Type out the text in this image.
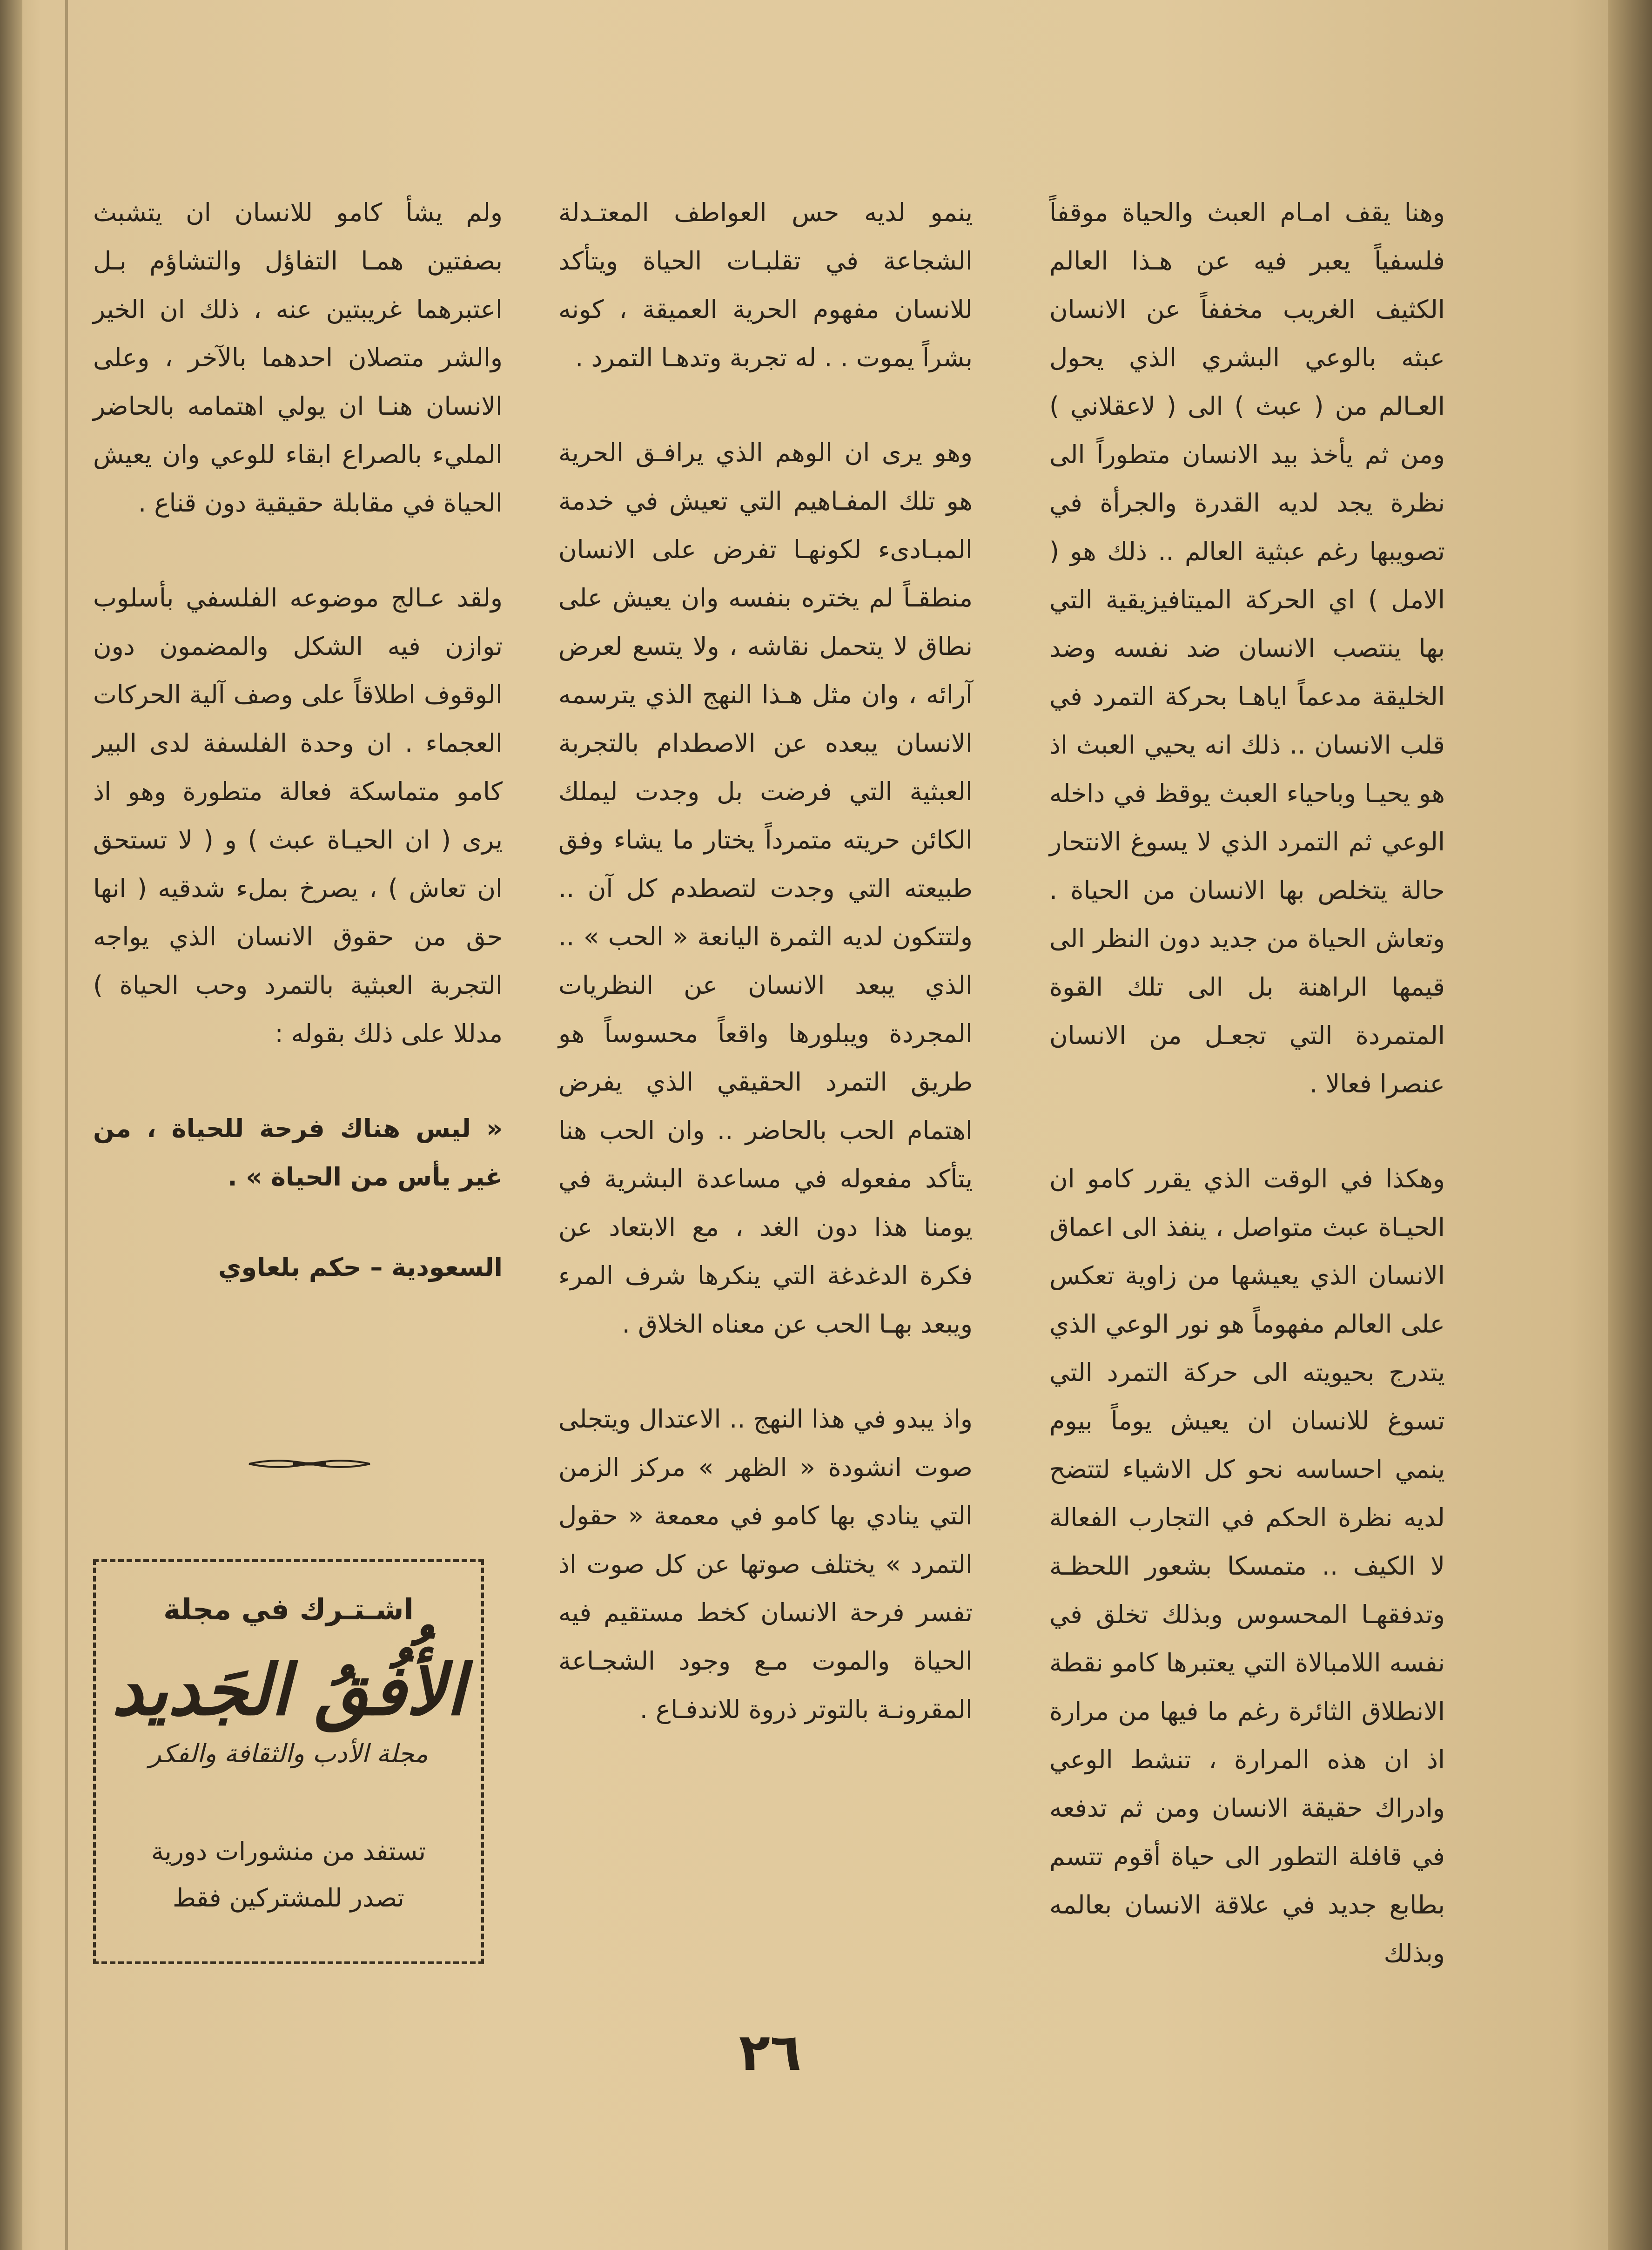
وهنا يقف امـام العبث والحياة موقفاً فلسفياً يعبر فيه عن هـذا العالم الكثيف الغريب مخففاً عن الانسان عبثه بالوعي البشري الذي يحول العـالم من ( عبث ) الى ( لاعقلاني ) ومن ثم يأخذ بيد الانسان متطوراً الى نظرة يجد لديه القدرة والجرأة في تصويبها رغم عبثية العالم .. ذلك هو ( الامل ) اي الحركة الميتافيزيقية التي بها ينتصب الانسان ضد نفسه وضد الخليقة مدعماً اياهـا بحركة التمرد في قلب الانسان .. ذلك انه يحيي العبث اذ هو يحيـا وباحياء العبث يوقظ في داخله الوعي ثم التمرد الذي لا يسوغ الانتحار حالة يتخلص بها الانسان من الحياة . وتعاش الحياة من جديد دون النظر الى قيمها الراهنة بل الى تلك القوة المتمردة التي تجعـل من الانسان عنصرا فعالا .

وهكذا في الوقت الذي يقرر كامو ان الحيـاة عبث متواصل ، ينفذ الى اعماق الانسان الذي يعيشها من زاوية تعكس على العالم مفهوماً هو نور الوعي الذي يتدرج بحيويته الى حركة التمرد التي تسوغ للانسان ان يعيش يوماً بيوم ينمي احساسه نحو كل الاشياء لتتضح لديه نظرة الحكم في التجارب الفعالة لا الكيف .. متمسكا بشعور اللحظـة وتدفقهـا المحسوس وبذلك تخلق في نفسه اللامبالاة التي يعتبرها كامو نقطة الانطلاق الثائرة رغم ما فيها من مرارة اذ ان هذه المرارة ، تنشط الوعي وادراك حقيقة الانسان ومن ثم تدفعه في قافلة التطور الى حياة أقوم تتسم بطابع جديد في علاقة الانسان بعالمه وبذلك

ينمو لديه حس العواطف المعتـدلة الشجاعة في تقلبـات الحياة ويتأكد للانسان مفهوم الحرية العميقة ، كونه بشراً يموت . . له تجربة وتدهـا التمرد .

وهو يرى ان الوهم الذي يرافـق الحرية هو تلك المفـاهيم التي تعيش في خدمة المبـادىء لكونهـا تفرض على الانسان منطقـاً لم يختره بنفسه وان يعيش على نطاق لا يتحمل نقاشه ، ولا يتسع لعرض آرائه ، وان مثل هـذا النهج الذي يترسمه الانسان يبعده عن الاصطدام بالتجربة العبثية التي فرضت بل وجدت ليملك الكائن حريته متمرداً يختار ما يشاء وفق طبيعته التي وجدت لتصطدم كل آن .. ولتتكون لديه الثمرة اليانعة « الحب » .. الذي يبعد الانسان عن النظريات المجردة ويبلورها واقعاً محسوساً هو طريق التمرد الحقيقي الذي يفرض اهتمام الحب بالحاضر .. وان الحب هنا يتأكد مفعوله في مساعدة البشرية في يومنا هذا دون الغد ، مع الابتعاد عن فكرة الدغدغة التي ينكرها شرف المرء ويبعد بهـا الحب عن معناه الخلاق .

واذ يبدو في هذا النهج .. الاعتدال ويتجلى صوت انشودة « الظهر » مركز الزمن التي ينادي بها كامو في معمعة « حقول التمرد » يختلف صوتها عن كل صوت اذ تفسر فرحة الانسان كخط مستقيم فيه الحياة والموت مـع وجود الشجـاعة المقرونـة بالتوتر ذروة للاندفـاع .

ولم يشأ كامو للانسان ان يتشبث بصفتين همـا التفاؤل والتشاؤم بـل اعتبرهما غريبتين عنه ، ذلك ان الخير والشر متصلان احدهما بالآخر ، وعلى الانسان هنـا ان يولي اهتمامه بالحاضر المليء بالصراع ابقاء للوعي وان يعيش الحياة في مقابلة حقيقية دون قناع .

ولقد عـالج موضوعه الفلسفي بأسلوب توازن فيه الشكل والمضمون دون الوقوف اطلاقاً على وصف آلية الحركات العجماء . ان وحدة الفلسفة لدى البير كامو متماسكة فعالة متطورة وهو اذ يرى ( ان الحيـاة عبث ) و ( لا تستحق ان تعاش ) ، يصرخ بملء شدقيه ( انها حق من حقوق الانسان الذي يواجه التجربة العبثية بالتمرد وحب الحياة ) مدللا على ذلك بقوله :

« ليس هناك فرحة للحياة ، من غير يأس من الحياة » .

السعودية – حكم بلعاوي

اشـتـرك في مجلة
الأُفُقُ الجَديد
مجلة الأدب والثقافة والفكر
تستفد من منشورات دورية
تصدر للمشتركين فقط
٢٦
